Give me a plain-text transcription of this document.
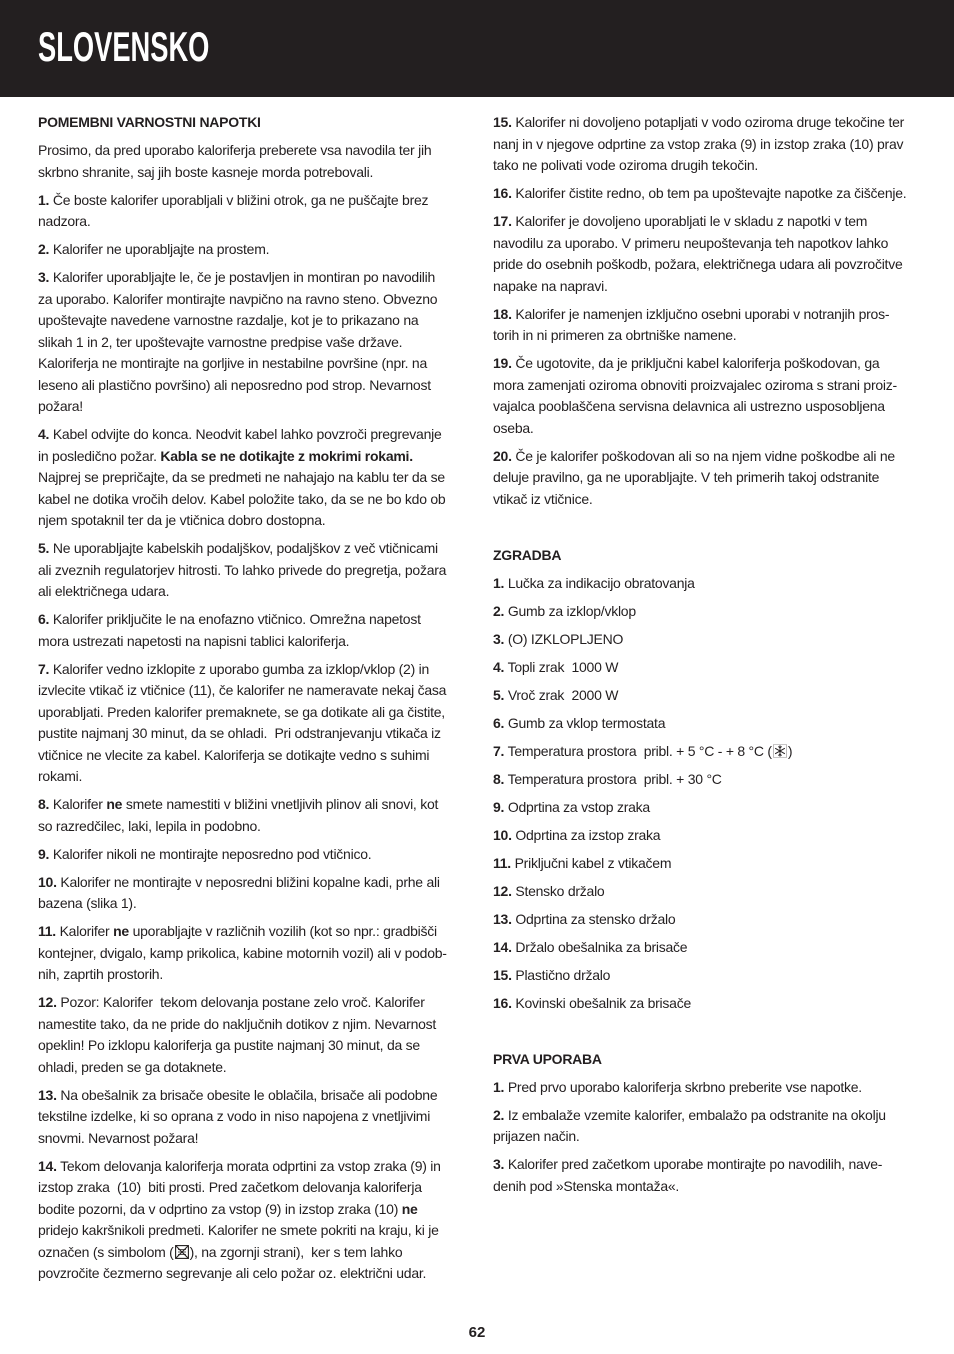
SLOVENSKO

POMEMBNI VARNOSTNI NAPOTKI

Prosimo, da pred uporabo kaloriferja preberete vsa navodila ter jih
skrbno shranite, saj jih boste kasneje morda potrebovali.

1. Če boste kalorifer uporabljali v bližini otrok, ga ne puščajte brez
nadzora.

2. Kalorifer ne uporabljajte na prostem.

3. Kalorifer uporabljajte le, če je postavljen in montiran po navodilih
za uporabo. Kalorifer montirajte navpično na ravno steno. Obvezno
upoštevajte navedene varnostne razdalje, kot je to prikazano na
slikah 1 in 2, ter upoštevajte varnostne predpise vaše države.
Kaloriferja ne montirajte na gorljive in nestabilne površine (npr. na
leseno ali plastično površino) ali neposredno pod strop. Nevarnost
požara!

4. Kabel odvijte do konca. Neodvit kabel lahko povzroči pregrevanje
in posledično požar. Kabla se ne dotikajte z mokrimi rokami.
Najprej se prepričajte, da se predmeti ne nahajajo na kablu ter da se
kabel ne dotika vročih delov. Kabel položite tako, da se ne bo kdo ob
njem spotaknil ter da je vtičnica dobro dostopna.

5. Ne uporabljajte kabelskih podaljškov, podaljškov z več vtičnicami
ali zveznih regulatorjev hitrosti. To lahko privede do pregretja, požara
ali električnega udara.

6. Kalorifer priključite le na enofazno vtičnico. Omrežna napetost
mora ustrezati napetosti na napisni tablici kaloriferja.

7. Kalorifer vedno izklopite z uporabo gumba za izklop/vklop (2) in
izvlecite vtikač iz vtičnice (11), če kalorifer ne nameravate nekaj časa
uporabljati. Preden kalorifer premaknete, se ga dotikate ali ga čistite,
pustite najmanj 30 minut, da se ohladi.  Pri odstranjevanju vtikača iz
vtičnice ne vlecite za kabel. Kaloriferja se dotikajte vedno s suhimi
rokami.

8. Kalorifer ne smete namestiti v bližini vnetljivih plinov ali snovi, kot
so razredčilec, laki, lepila in podobno.

9. Kalorifer nikoli ne montirajte neposredno pod vtičnico.

10. Kalorifer ne montirajte v neposredni bližini kopalne kadi, prhe ali
bazena (slika 1).

11. Kalorifer ne uporabljajte v različnih vozilih (kot so npr.: gradbišči
kontejner, dvigalo, kamp prikolica, kabine motornih vozil) ali v podob-
nih, zaprtih prostorih.

12. Pozor: Kalorifer  tekom delovanja postane zelo vroč. Kalorifer
namestite tako, da ne pride do naključnih dotikov z njim. Nevarnost
opeklin! Po izklopu kaloriferja ga pustite najmanj 30 minut, da se
ohladi, preden se ga dotaknete.

13. Na obešalnik za brisače obesite le oblačila, brisače ali podobne
tekstilne izdelke, ki so oprana z vodo in niso napojena z vnetljivimi
snovmi. Nevarnost požara!

14. Tekom delovanja kaloriferja morata odprtini za vstop zraka (9) in
izstop zraka  (10)  biti prosti. Pred začetkom delovanja kaloriferja
bodite pozorni, da v odprtino za vstop (9) in izstop zraka (10) ne
pridejo kakršnikoli predmeti. Kalorifer ne smete pokriti na kraju, ki je
označen (s simbolom ( ), na zgornji strani),  ker s tem lahko
povzročite čezmerno segrevanje ali celo požar oz. električni udar.

15. Kalorifer ni dovoljeno potapljati v vodo oziroma druge tekočine ter
nanj in v njegove odprtine za vstop zraka (9) in izstop zraka (10) prav
tako ne polivati vode oziroma drugih tekočin.

16. Kalorifer čistite redno, ob tem pa upoštevajte napotke za čiščenje.

17. Kalorifer je dovoljeno uporabljati le v skladu z napotki v tem
navodilu za uporabo. V primeru neupoštevanja teh napotkov lahko
pride do osebnih poškodb, požara, električnega udara ali povzročitve
napake na napravi.

18. Kalorifer je namenjen izključno osebni uporabi v notranjih pros-
torih in ni primeren za obrtniške namene.

19. Če ugotovite, da je priključni kabel kaloriferja poškodovan, ga
mora zamenjati oziroma obnoviti proizvajalec oziroma s strani proiz-
vajalca pooblaščena servisna delavnica ali ustrezno usposobljena
oseba.

20. Če je kalorifer poškodovan ali so na njem vidne poškodbe ali ne
deluje pravilno, ga ne uporabljajte. V teh primerih takoj odstranite
vtikač iz vtičnice.

ZGRADBA

1. Lučka za indikacijo obratovanja

2. Gumb za izklop/vklop

3. (O) IZKLOPLJENO

4. Topli zrak  1000 W

5. Vroč zrak  2000 W

6. Gumb za vklop termostata

7. Temperatura prostora  pribl. + 5 °C - + 8 °C ( )

8. Temperatura prostora  pribl. + 30 °C

9. Odprtina za vstop zraka

10. Odprtina za izstop zraka

11. Priključni kabel z vtikačem

12. Stensko držalo

13. Odprtina za stensko držalo

14. Držalo obešalnika za brisače

15. Plastično držalo

16. Kovinski obešalnik za brisače

PRVA UPORABA

1. Pred prvo uporabo kaloriferja skrbno preberite vse napotke.

2. Iz embalaže vzemite kalorifer, embalažo pa odstranite na okolju
prijazen način.

3. Kalorifer pred začetkom uporabe montirajte po navodilih, nave-
denih pod »Stenska montaža«.

62
